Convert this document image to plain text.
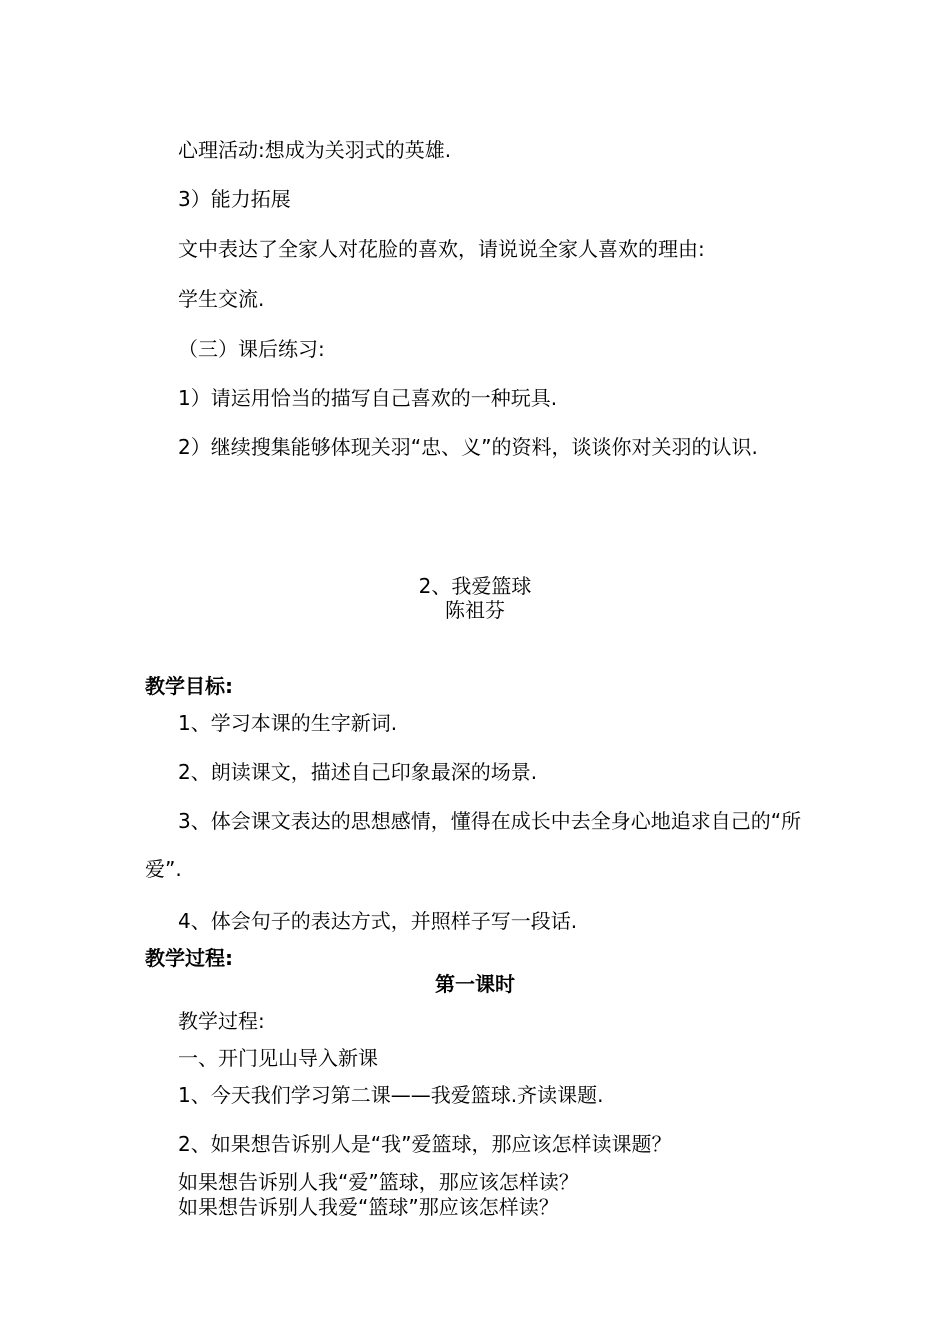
心理活动:想成为关羽式的英雄.

3）能力拓展

文中表达了全家人对花脸的喜欢，请说说全家人喜欢的理由:

学生交流.

（三）课后练习:

1）请运用恰当的描写自己喜欢的一种玩具.

2）继续搜集能够体现关羽“忠、义”的资料，谈谈你对关羽的认识.

2、我爱篮球

陈祖芬

教学目标:

1、学习本课的生字新词.

2、朗读课文，描述自己印象最深的场景.

3、体会课文表达的思想感情，懂得在成长中去全身心地追求自己的“所爱”.

4、体会句子的表达方式，并照样子写一段话.

教学过程:

第一课时

教学过程:

一、开门见山导入新课

1、今天我们学习第二课——我爱篮球.齐读课题.

2、如果想告诉别人是“我”爱篮球，那应该怎样读课题？

如果想告诉别人我“爱”篮球，那应该怎样读？

如果想告诉别人我爱“篮球”那应该怎样读？
